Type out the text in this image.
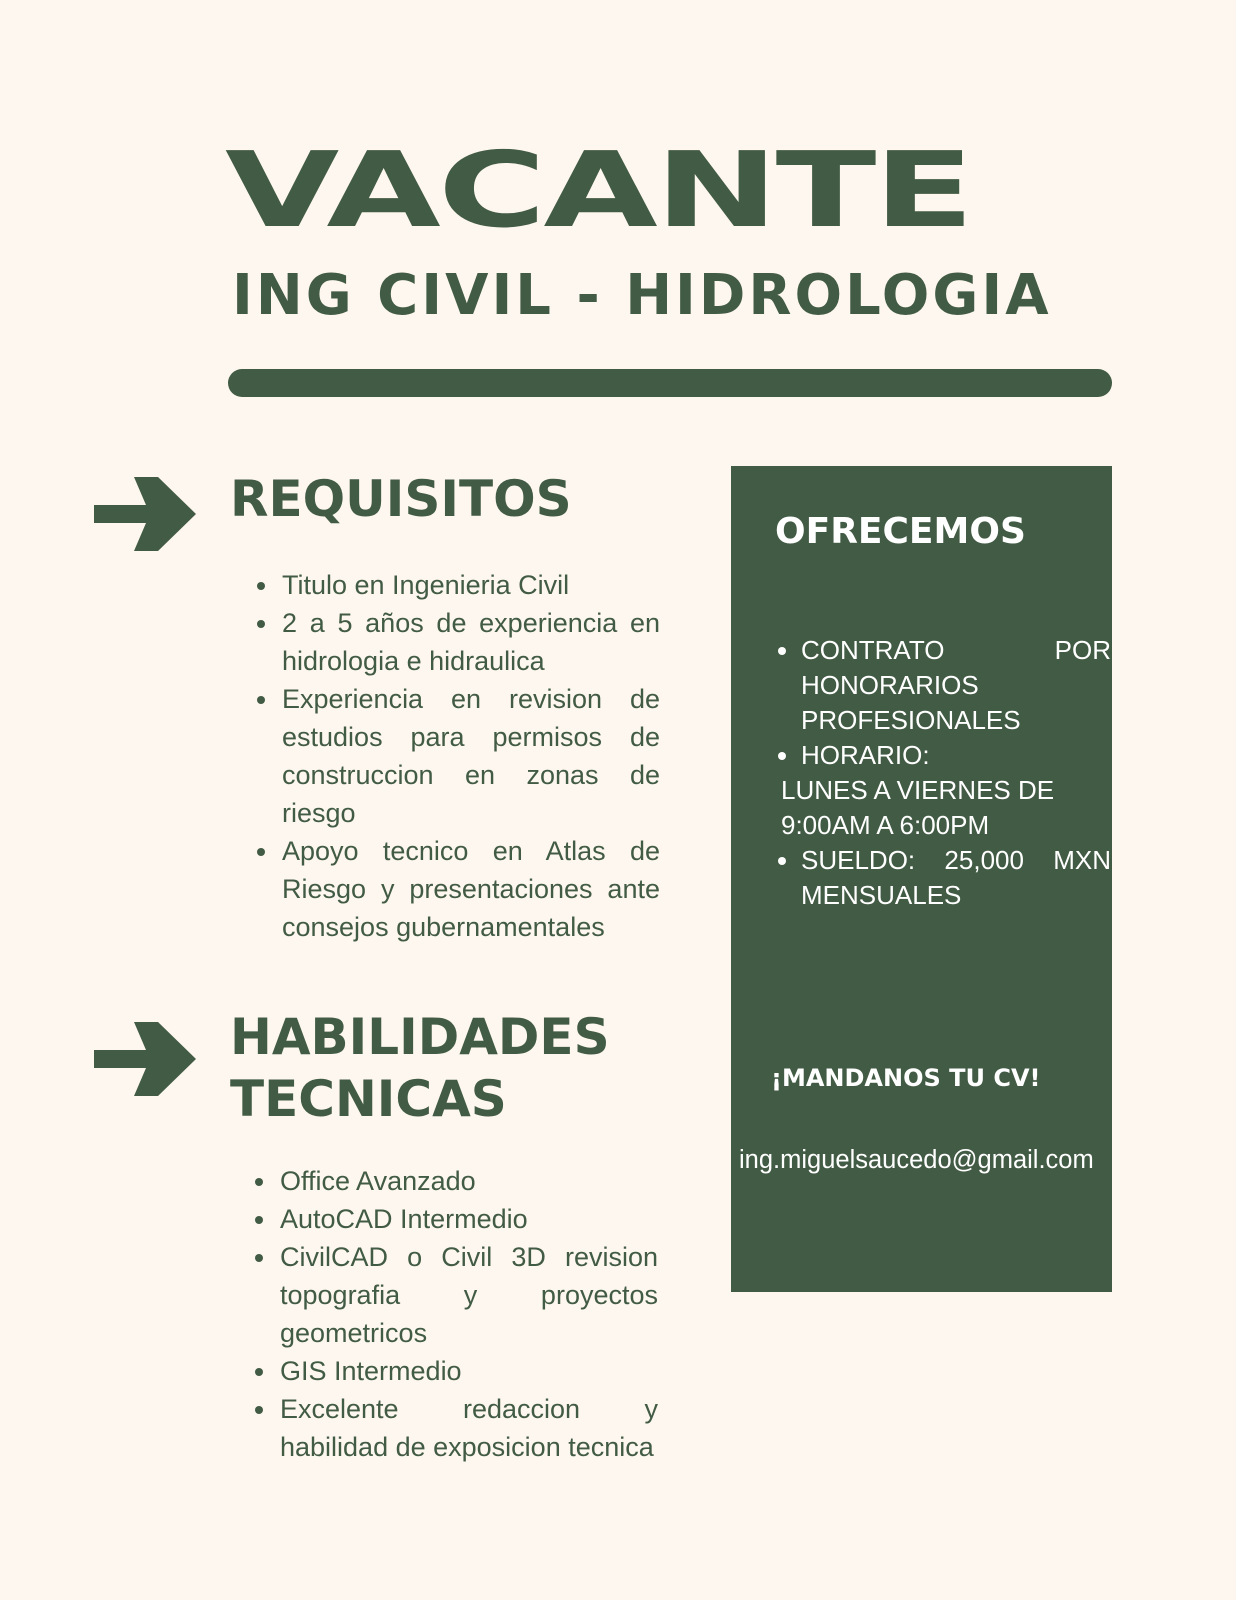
VACANTE
ING CIVIL - HIDROLOGIA
REQUISITOS
• Titulo en Ingenieria Civil
• 2 a 5 años de experiencia en hidrologia e hidraulica
• Experiencia en revision de estudios para permisos de construccion en zonas de riesgo
• Apoyo tecnico en Atlas de Riesgo y presentaciones ante consejos gubernamentales
HABILIDADES
TECNICAS
• Office Avanzado
• AutoCAD Intermedio
• CivilCAD o Civil 3D revision topografia y proyectos geometricos
• GIS Intermedio
• Excelente redaccion y habilidad de exposicion tecnica
OFRECEMOS
• CONTRATO POR HONORARIOS PROFESIONALES
• HORARIO:
LUNES A VIERNES DE
9:00AM A 6:00PM
• SUELDO: 25,000 MXN MENSUALES
¡MANDANOS TU CV!
ing.miguelsaucedo@gmail.com
